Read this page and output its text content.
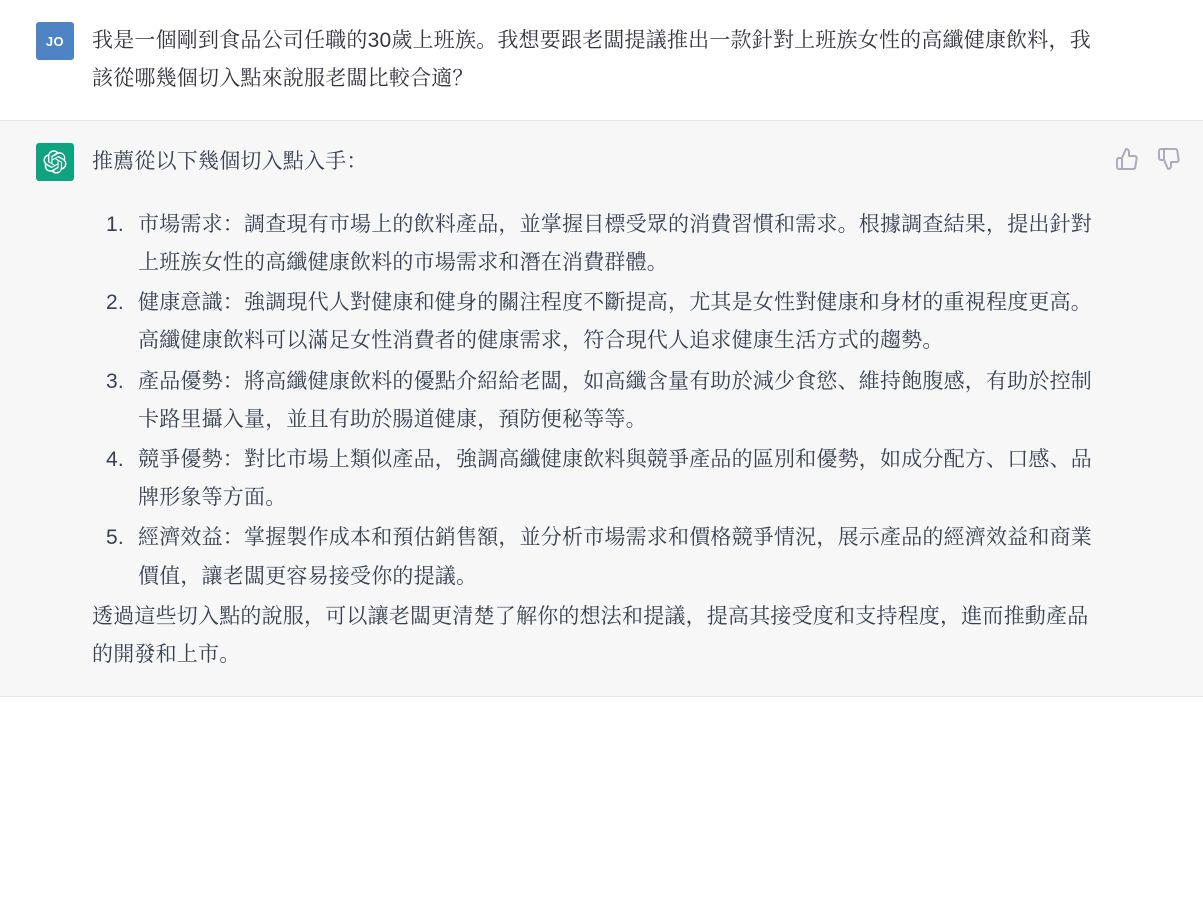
JO	我是一個剛到食品公司任職的30歲上班族。我想要跟老闆提議推出一款針對上班族女性的高纖健康飲料，我該從哪幾個切入點來說服老闆比較合適？

推薦從以下幾個切入點入手：

1. 市場需求：調查現有市場上的飲料產品，並掌握目標受眾的消費習慣和需求。根據調查結果，提出針對上班族女性的高纖健康飲料的市場需求和潛在消費群體。
2. 健康意識：強調現代人對健康和健身的關注程度不斷提高，尤其是女性對健康和身材的重視程度更高。高纖健康飲料可以滿足女性消費者的健康需求，符合現代人追求健康生活方式的趨勢。
3. 產品優勢：將高纖健康飲料的優點介紹給老闆，如高纖含量有助於減少食慾、維持飽腹感，有助於控制卡路里攝入量，並且有助於腸道健康，預防便秘等等。
4. 競爭優勢：對比市場上類似產品，強調高纖健康飲料與競爭產品的區別和優勢，如成分配方、口感、品牌形象等方面。
5. 經濟效益：掌握製作成本和預估銷售額，並分析市場需求和價格競爭情況，展示產品的經濟效益和商業價值，讓老闆更容易接受你的提議。

透過這些切入點的說服，可以讓老闆更清楚了解你的想法和提議，提高其接受度和支持程度，進而推動產品的開發和上市。
